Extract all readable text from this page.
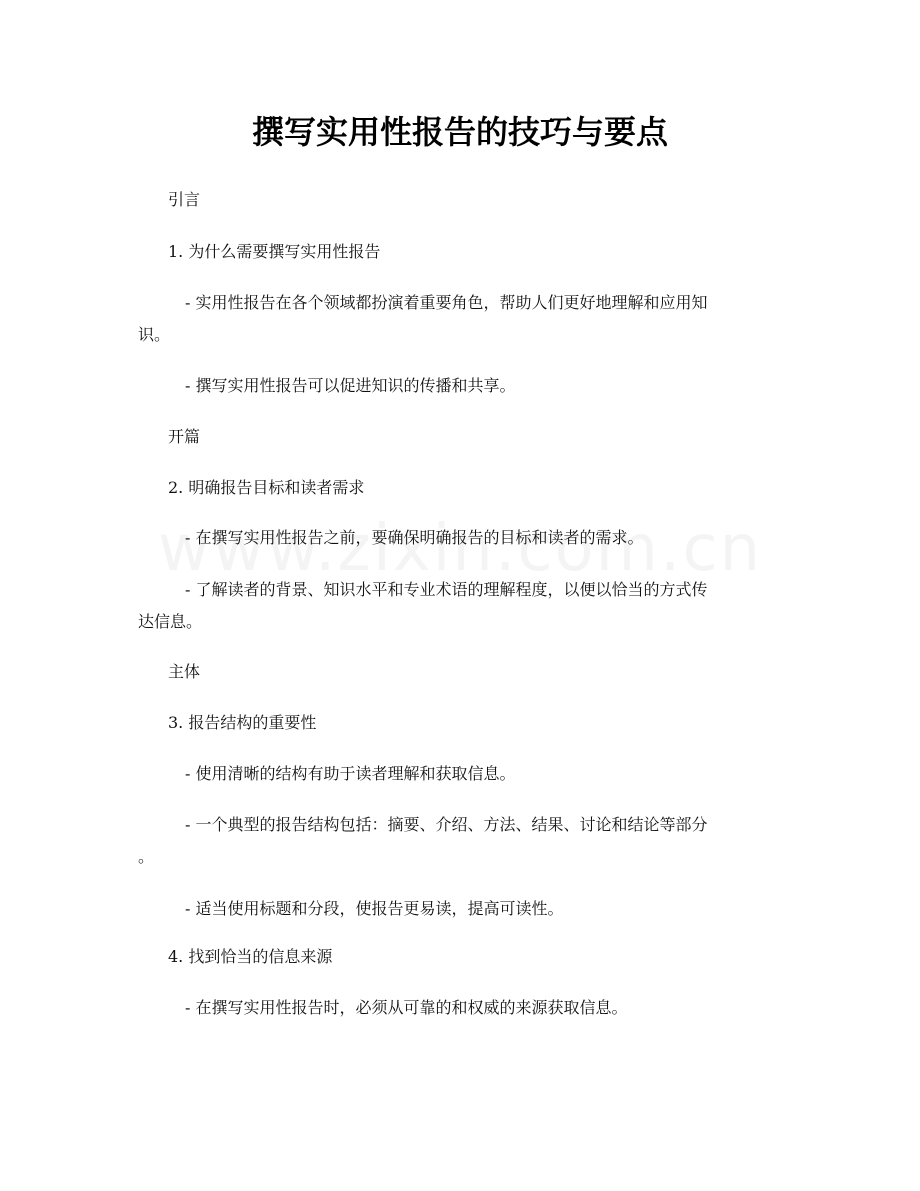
撰写实用性报告的技巧与要点
引言
1. 为什么需要撰写实用性报告
- 实用性报告在各个领域都扮演着重要角色，帮助人们更好地理解和应用知
识。
- 撰写实用性报告可以促进知识的传播和共享。
开篇
2. 明确报告目标和读者需求
- 在撰写实用性报告之前，要确保明确报告的目标和读者的需求。
- 了解读者的背景、知识水平和专业术语的理解程度，以便以恰当的方式传
达信息。
主体
3. 报告结构的重要性
- 使用清晰的结构有助于读者理解和获取信息。
- 一个典型的报告结构包括：摘要、介绍、方法、结果、讨论和结论等部分
。
- 适当使用标题和分段，使报告更易读，提高可读性。
4. 找到恰当的信息来源
- 在撰写实用性报告时，必须从可靠的和权威的来源获取信息。
